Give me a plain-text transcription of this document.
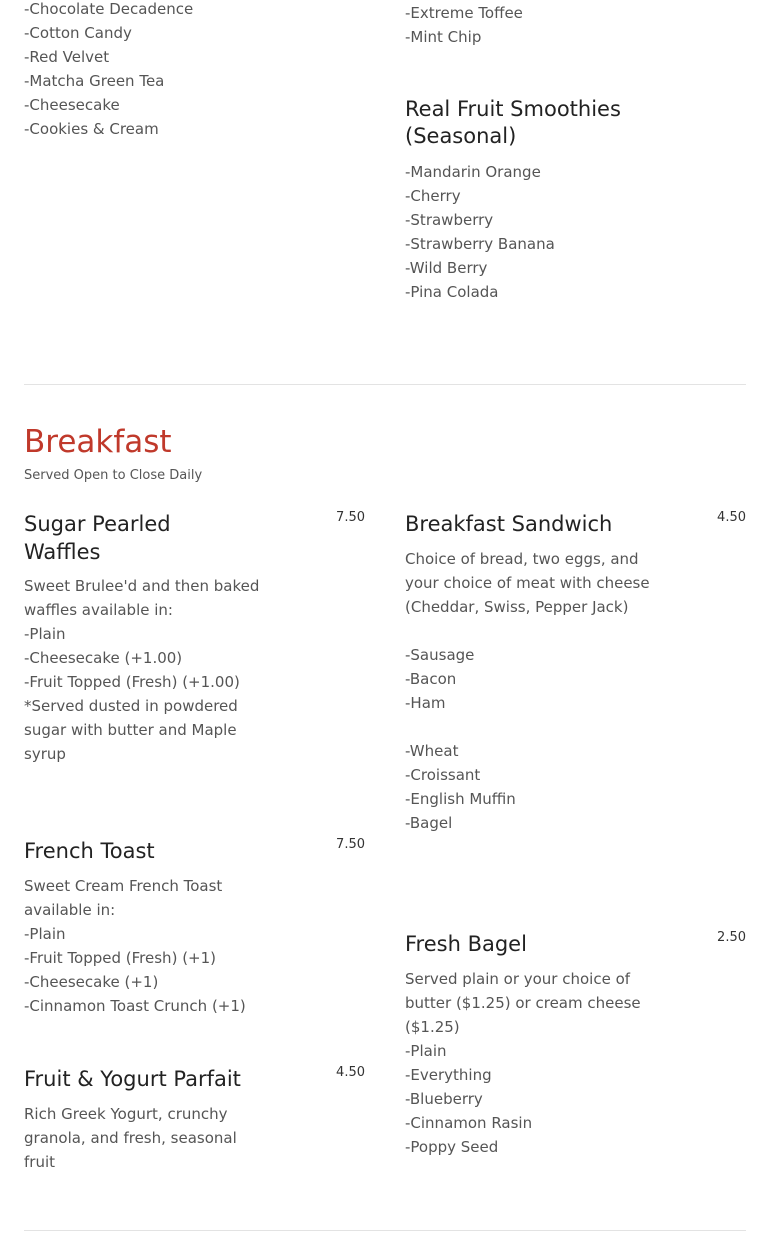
-Chocolate Decadence
-Cotton Candy
-Red Velvet
-Matcha Green Tea
-Cheesecake
-Cookies & Cream
-Extreme Toffee
-Mint Chip
Real Fruit Smoothies
(Seasonal)
-Mandarin Orange
-Cherry
-Strawberry
-Strawberry Banana
-Wild Berry
-Pina Colada
Breakfast
Served Open to Close Daily
Sugar Pearled
Waffles
7.50
Sweet Brulee'd and then baked
waffles available in:
-Plain
-Cheesecake (+1.00)
-Fruit Topped (Fresh) (+1.00)
*Served dusted in powdered
sugar with butter and Maple
syrup
Breakfast Sandwich	4.50
Choice of bread, two eggs, and
your choice of meat with cheese
(Cheddar, Swiss, Pepper Jack)
-Sausage
-Bacon
-Ham
-Wheat
-Croissant
-English Muffin
-Bagel
French Toast	7.50
Sweet Cream French Toast
available in:
-Plain
-Fruit Topped (Fresh) (+1)
-Cheesecake (+1)
-Cinnamon Toast Crunch (+1)
Fresh Bagel	2.50
Served plain or your choice of
butter ($1.25) or cream cheese
($1.25)
-Plain
-Everything
-Blueberry
-Cinnamon Rasin
-Poppy Seed
Fruit & Yogurt Parfait	4.50
Rich Greek Yogurt, crunchy
granola, and fresh, seasonal
fruit
